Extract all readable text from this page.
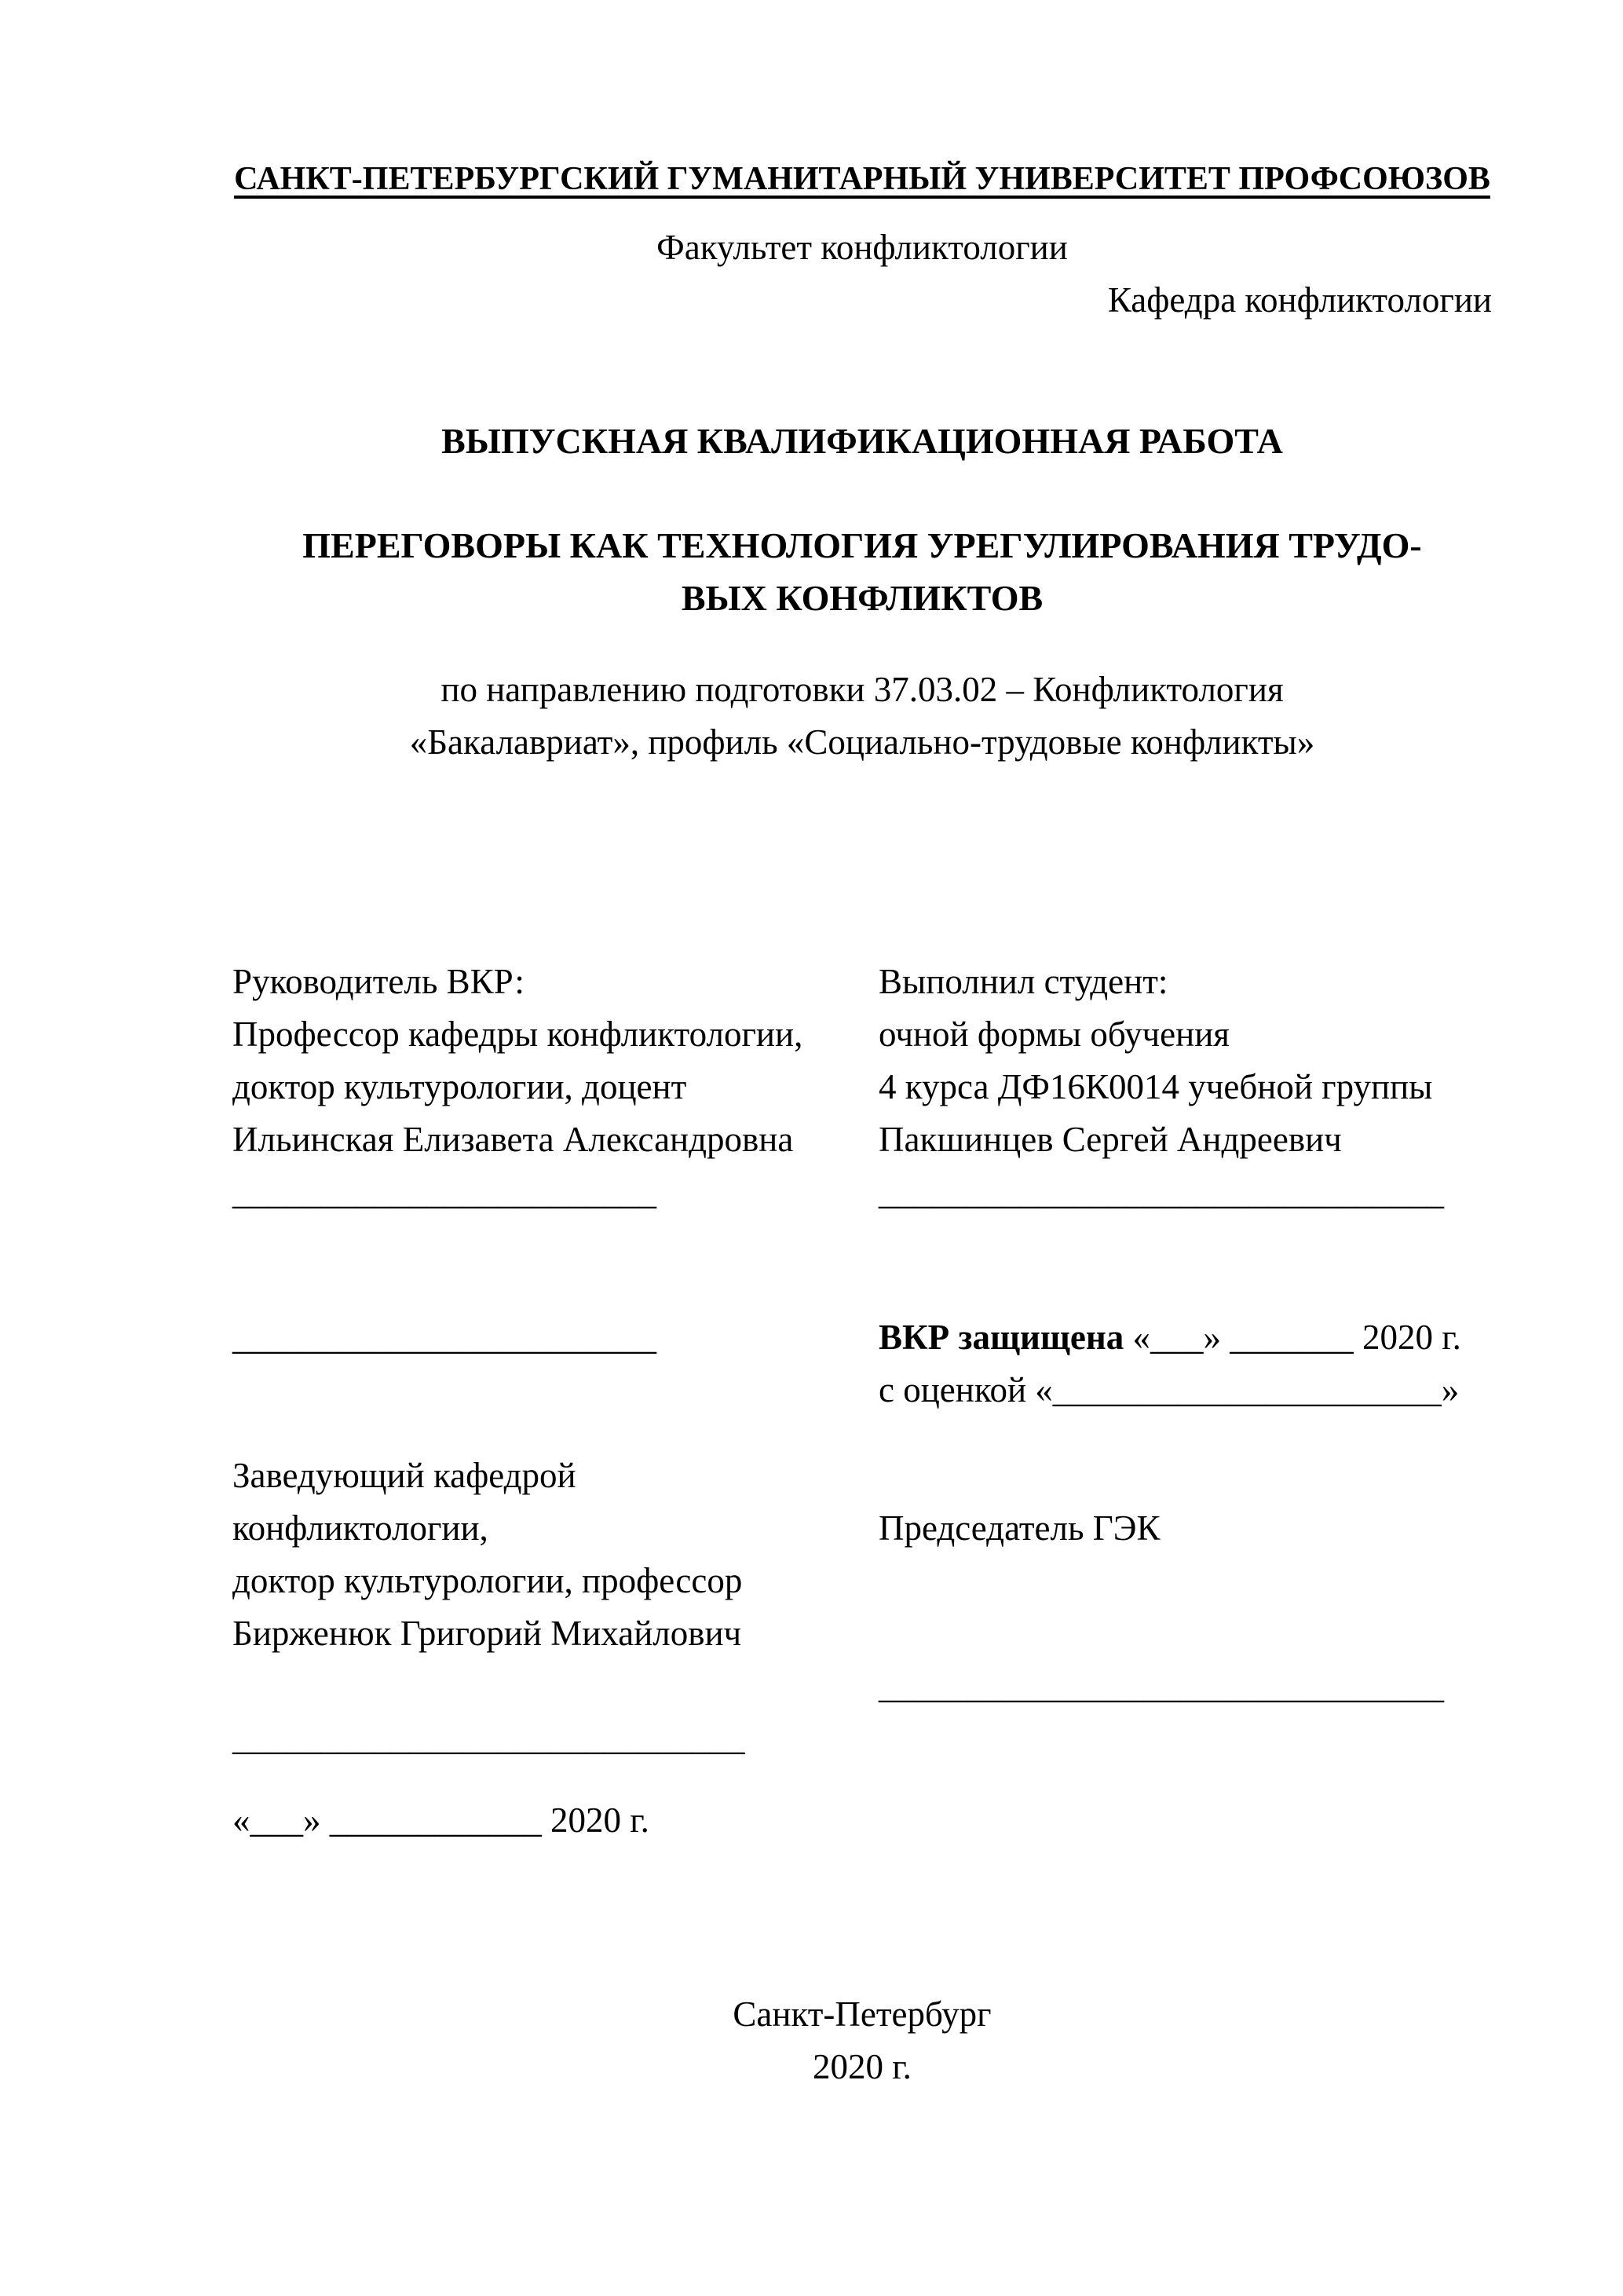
САНКТ-ПЕТЕРБУРГСКИЙ ГУМАНИТАРНЫЙ УНИВЕРСИТЕТ ПРОФСОЮЗОВ
Факультет конфликтологии
Кафедра конфликтологии
ВЫПУСКНАЯ КВАЛИФИКАЦИОННАЯ РАБОТА
ПЕРЕГОВОРЫ КАК ТЕХНОЛОГИЯ УРЕГУЛИРОВАНИЯ ТРУДО-
ВЫХ КОНФЛИКТОВ
по направлению подготовки 37.03.02 – Конфликтология
«Бакалавриат», профиль «Социально-трудовые конфликты»
Руководитель ВКР:
Профессор кафедры конфликтологии,
доктор культурологии, доцент
Ильинская Елизавета Александровна
________________________
Выполнил студент:
очной формы обучения
4 курса ДФ16К0014 учебной группы
Пакшинцев Сергей Андреевич
________________________________
________________________	ВКР защищена «___» _______ 2020 г.
с оценкой «______________________»
Заведующий кафедрой
конфликтологии,
доктор культурологии, профессор
Бирженюк Григорий Михайлович
Председатель ГЭК
_____________________________
________________________________
«___» ____________ 2020 г.
Санкт-Петербург
2020 г.
